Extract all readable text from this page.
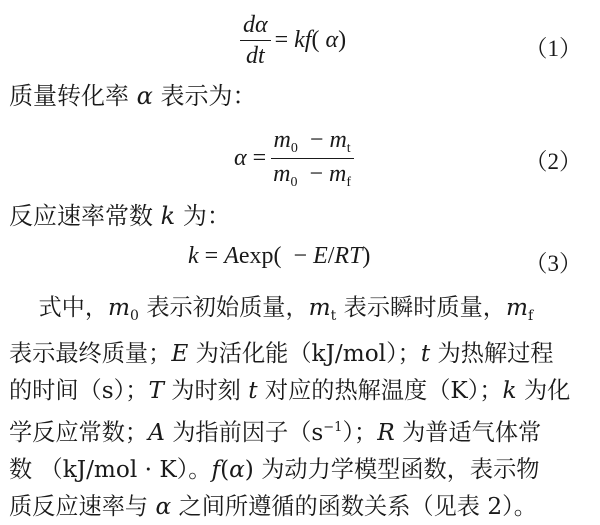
$\frac{d\alpha}{dt} = kf$( α)	（1）
质量转化率 α 表示为：
$\alpha = \frac{m_0 - m_t}{m_0 - m_f}$	（2）
反应速率常数 k 为：
k = Aexp(  − E/RT)	（3）
式中，$m_0$ 表示初始质量，$m_t$ 表示瞬时质量，$m_f$
表示最终质量；E 为活化能（kJ/mol）；t 为热解过程
的时间（s）；T 为时刻 t 对应的热解温度（K）；k 为化
学反应常数；A 为指前因子$(s^{-1})$；R 为普适气体常
数 （kJ/mol · K）。f(α) 为动力学模型函数，表示物
质反应速率与 α 之间所遵循的函数关系（见表 2）。
